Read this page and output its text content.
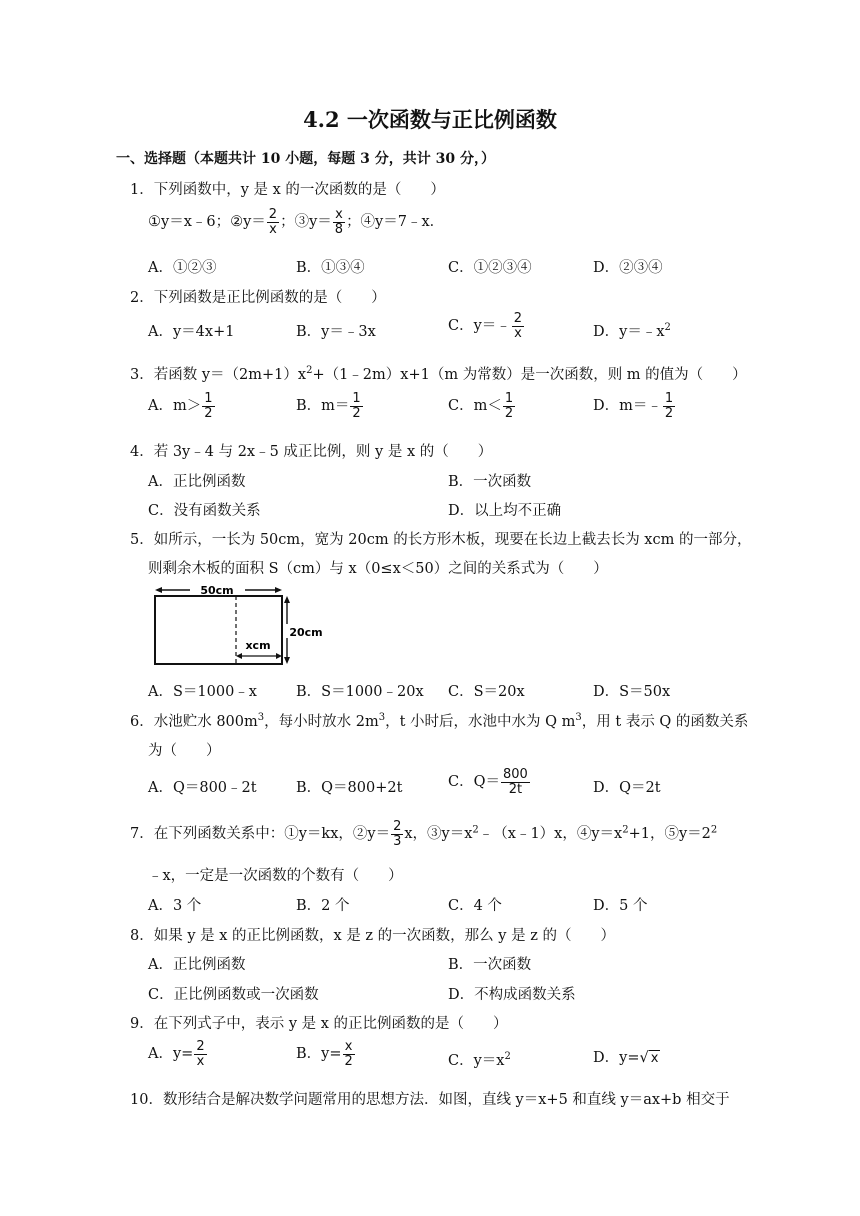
4.2 一次函数与正比例函数
一、选择题（本题共计 10 小题，每题 3 分，共计 30 分，）
1．下列函数中，y 是 x 的一次函数的是（　　）
①y＝x﹣6；②y＝ $\frac{2}{x}$ ；③y＝ $\frac{x}{8}$ ；④y＝7﹣x．
A．①②③	B．①③④	C．①②③④	D．②③④
2．下列函数是正比例函数的是（　　）
A．y＝4x+1	B．y＝﹣3x	C．y＝﹣ $\frac{2}{x}$	D．$y=﹣x^2$
3．若函数 $y=(2m+1)x^2+(1﹣2m)x+1(m$ 为常数）是一次函数，则 m 的值为（　　）
A．$m> \frac{1}{2}$	B．$m= \frac{1}{2}$	C．$m< \frac{1}{2}$	D．m＝﹣ $\frac{1}{2}$
4．若 3y﹣4 与 2x﹣5 成正比例，则 y 是 x 的（　　）
A．正比例函数	B．一次函数
C．没有函数关系	D．以上均不正确
5．如所示，一长为 50cm，宽为 20cm 的长方形木板，现要在长边上截去长为 xcm 的一部分，
则剩余木板的面积 S（cm）与 x（0≤x＜50）之间的关系式为（　　）
50cm
20cm
xcm
A．S＝1000﹣x	B．S＝1000﹣20x C．S＝20x	D．S＝50x
6．水池贮水 $800m^3$，每小时放水 $2m^3$，t 小时后，水池中水为 Q $m^3$，用 t 表示 Q 的函数关系
为（　　）
A．Q＝800﹣2t	B．Q＝800+2t	C．$Q= \frac{800}{2t}$	D．Q＝2t
7．在下列函数关系中：①y＝kx，②y＝ $\frac{2}{3}$ x，$③y=x^2﹣(x﹣1)x$，$④y=x^2+1$，$⑤y=2^2$
﹣x，一定是一次函数的个数有（　　）
A．3 个	B．2 个	C．4 个	D．5 个
8．如果 y 是 x 的正比例函数，x 是 z 的一次函数，那么 y 是 z 的（　　）
A．正比例函数	B．一次函数
C．正比例函数或一次函数	D．不构成函数关系
9．在下列式子中，表示 y 是 x 的正比例函数的是（　　）
A．$y= \frac{2}{x}$	B．$y= \frac{x}{2}$	C．$y=x^2$	D．y=√ x
10．数形结合是解决数学问题常用的思想方法．如图，直线 y＝x+5 和直线 y＝ax+b 相交于
